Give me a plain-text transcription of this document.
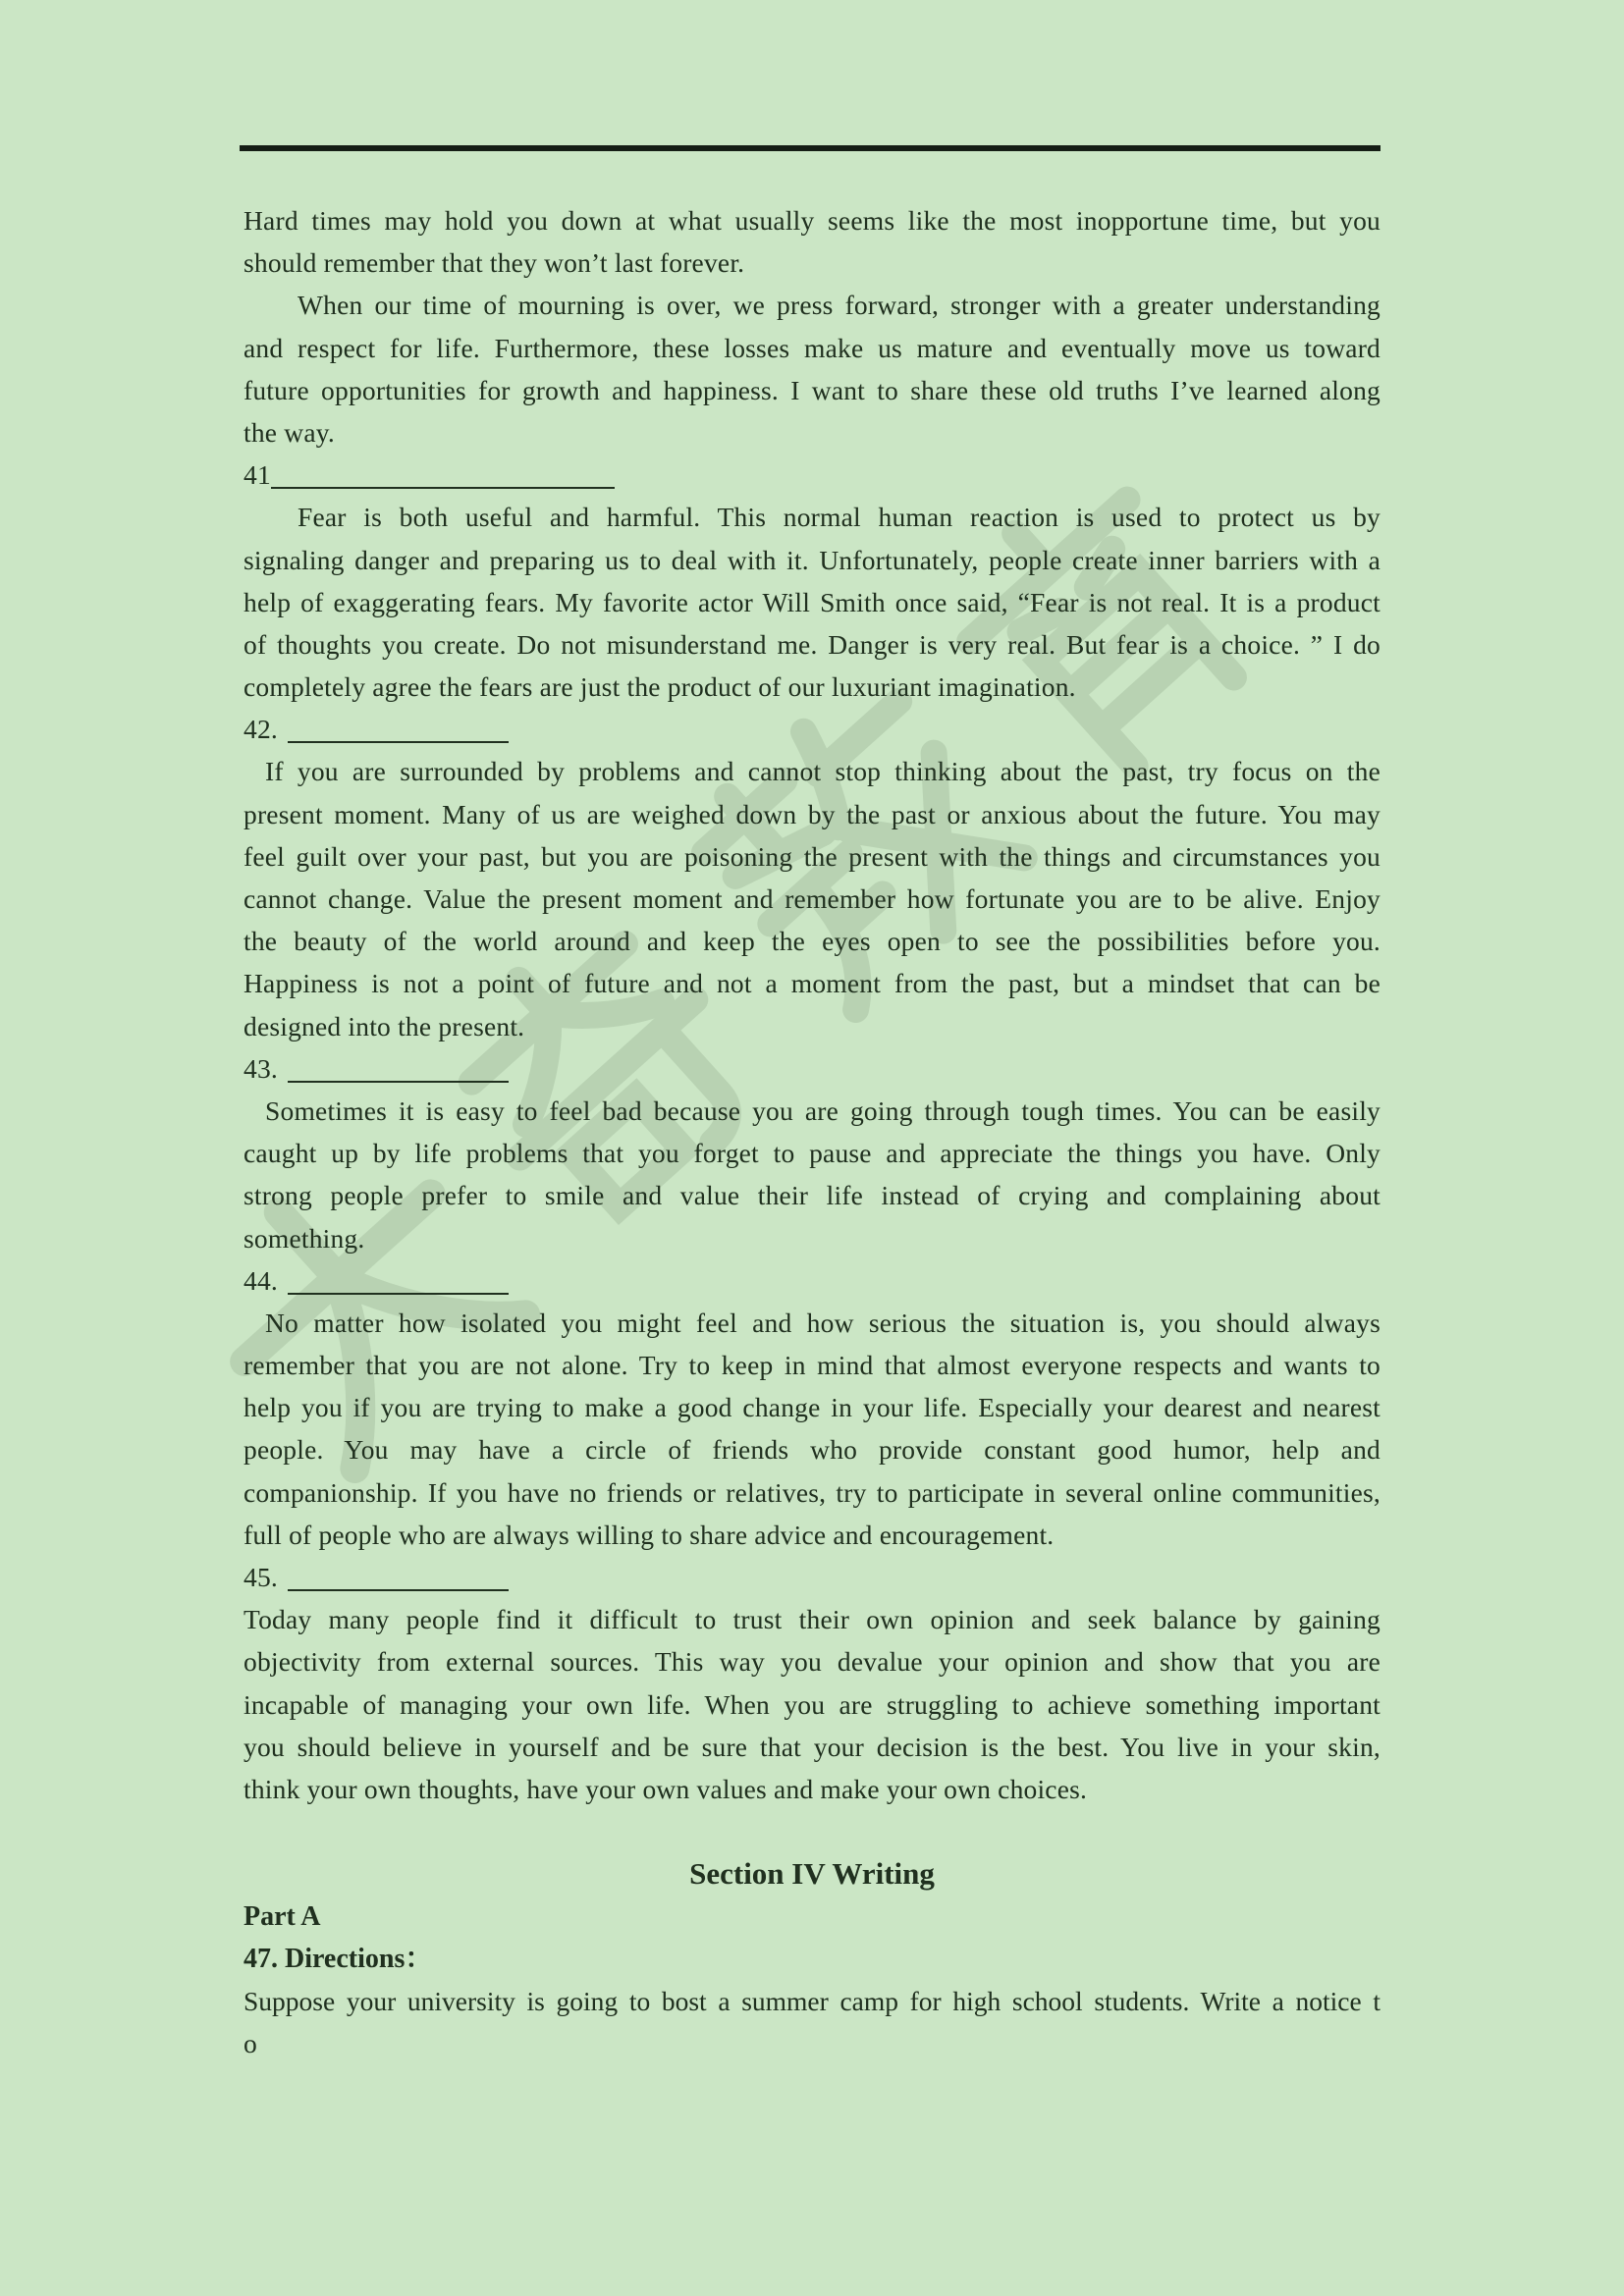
Hard times may hold you down at what usually seems like the most inopportune time, but you
should remember that they won’t last forever.
When our time of mourning is over, we press forward, stronger with a greater understanding
and respect for life. Furthermore, these losses make us mature and eventually move us toward
future opportunities for growth and happiness. I want to share these old truths I’ve learned along
the way.
41
Fear is both useful and harmful. This normal human reaction is used to protect us by
signaling danger and preparing us to deal with it. Unfortunately, people create inner barriers with a
help of exaggerating fears. My favorite actor Will Smith once said, “Fear is not real. It is a product
of thoughts you create. Do not misunderstand me. Danger is very real. But fear is a choice. ” I do
completely agree the fears are just the product of our luxuriant imagination.
42.
If you are surrounded by problems and cannot stop thinking about the past, try focus on the
present moment. Many of us are weighed down by the past or anxious about the future. You may
feel guilt over your past, but you are poisoning the present with the things and circumstances you
cannot change. Value the present moment and remember how fortunate you are to be alive. Enjoy
the beauty of the world around and keep the eyes open to see the possibilities before you.
Happiness is not a point of future and not a moment from the past, but a mindset that can be
designed into the present.
43.
Sometimes it is easy to feel bad because you are going through tough times. You can be easily
caught up by life problems that you forget to pause and appreciate the things you have. Only
strong people prefer to smile and value their life instead of crying and complaining about
something.
44.
No matter how isolated you might feel and how serious the situation is, you should always
remember that you are not alone. Try to keep in mind that almost everyone respects and wants to
help you if you are trying to make a good change in your life. Especially your dearest and nearest
people. You may have a circle of friends who provide constant good humor, help and
companionship. If you have no friends or relatives, try to participate in several online communities,
full of people who are always willing to share advice and encouragement.
45.
Today many people find it difficult to trust their own opinion and seek balance by gaining
objectivity from external sources. This way you devalue your opinion and show that you are
incapable of managing your own life. When you are struggling to achieve something important
you should believe in yourself and be sure that your decision is the best. You live in your skin,
think your own thoughts, have your own values and make your own choices.
Section IV Writing
Part A
47. Directions：
Suppose your university is going to bost a summer camp for high school students. Write a notice t
o
